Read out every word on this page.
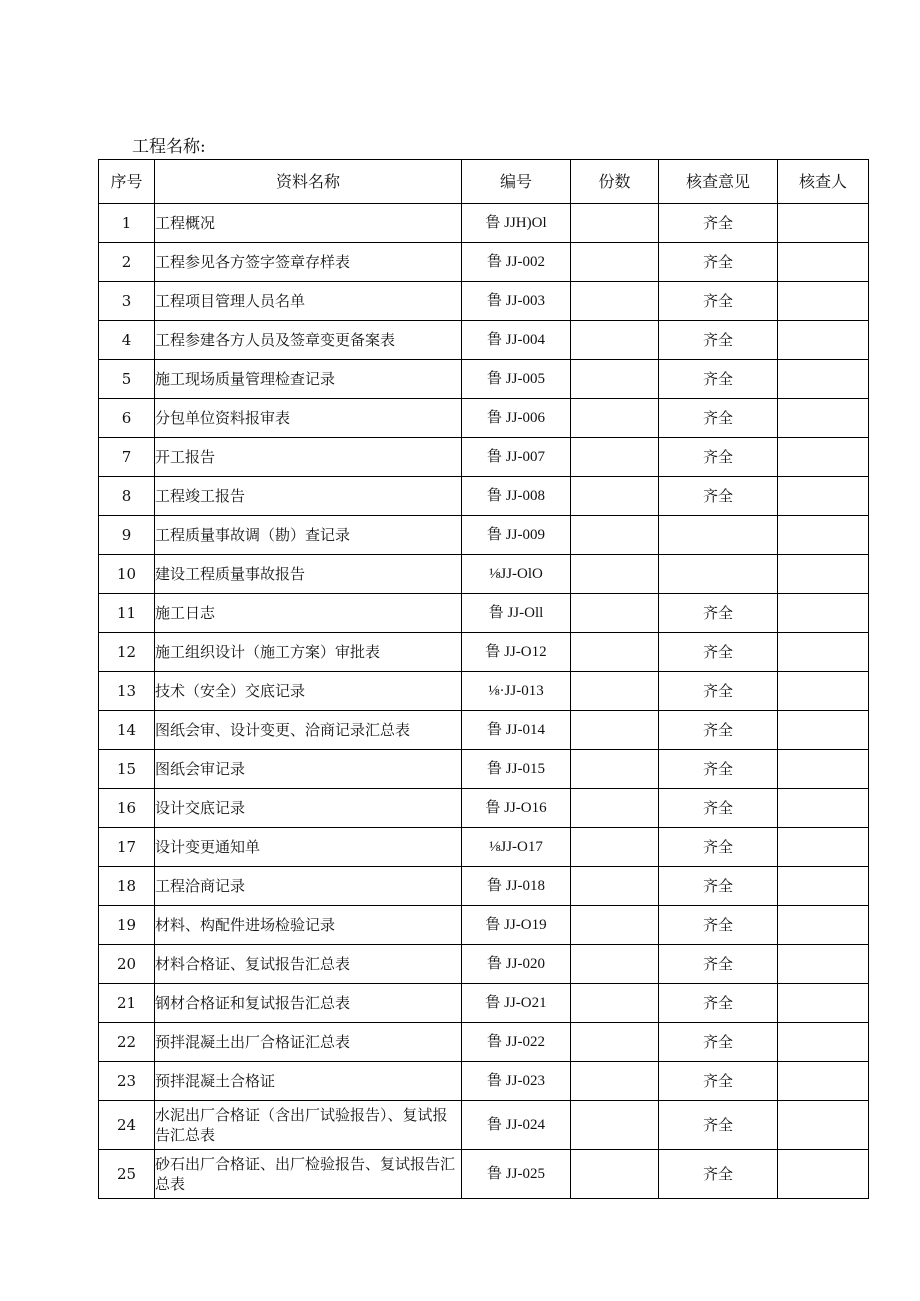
工程名称:
序号	资料名称	编号	份数	核查意见	核查人
1	工程概况	鲁 JJH)Ol		齐全	
2	工程参见各方签字签章存样表	鲁 JJ-002		齐全	
3	工程项目管理人员名单	鲁 JJ-003		齐全	
4	工程参建各方人员及签章变更备案表	鲁 JJ-004		齐全	
5	施工现场质量管理检查记录	鲁 JJ-005		齐全	
6	分包单位资料报审表	鲁 JJ-006		齐全	
7	开工报告	鲁 JJ-007		齐全	
8	工程竣工报告	鲁 JJ-008		齐全	
9	工程质量事故调（勘）查记录	鲁 JJ-009			
10	建设工程质量事故报告	⅛JJ-OlO			
11	施工日志	鲁 JJ-Oll		齐全	
12	施工组织设计（施工方案）审批表	鲁 JJ-O12		齐全	
13	技术（安全）交底记录	⅛·JJ-013		齐全	
14	图纸会审、设计变更、洽商记录汇总表	鲁 JJ-014		齐全	
15	图纸会审记录	鲁 JJ-015		齐全	
16	设计交底记录	鲁 JJ-O16		齐全	
17	设计变更通知单	⅛JJ-O17		齐全	
18	工程洽商记录	鲁 JJ-018		齐全	
19	材料、构配件进场检验记录	鲁 JJ-O19		齐全	
20	材料合格证、复试报告汇总表	鲁 JJ-020		齐全	
21	钢材合格证和复试报告汇总表	鲁 JJ-O21		齐全	
22	预拌混凝土出厂合格证汇总表	鲁 JJ-022		齐全	
23	预拌混凝土合格证	鲁 JJ-023		齐全	
24	水泥出厂合格证（含出厂试验报告）、复试报告汇总表	鲁 JJ-024		齐全	
25	砂石出厂合格证、出厂检验报告、复试报告汇总表	鲁 JJ-025		齐全	
